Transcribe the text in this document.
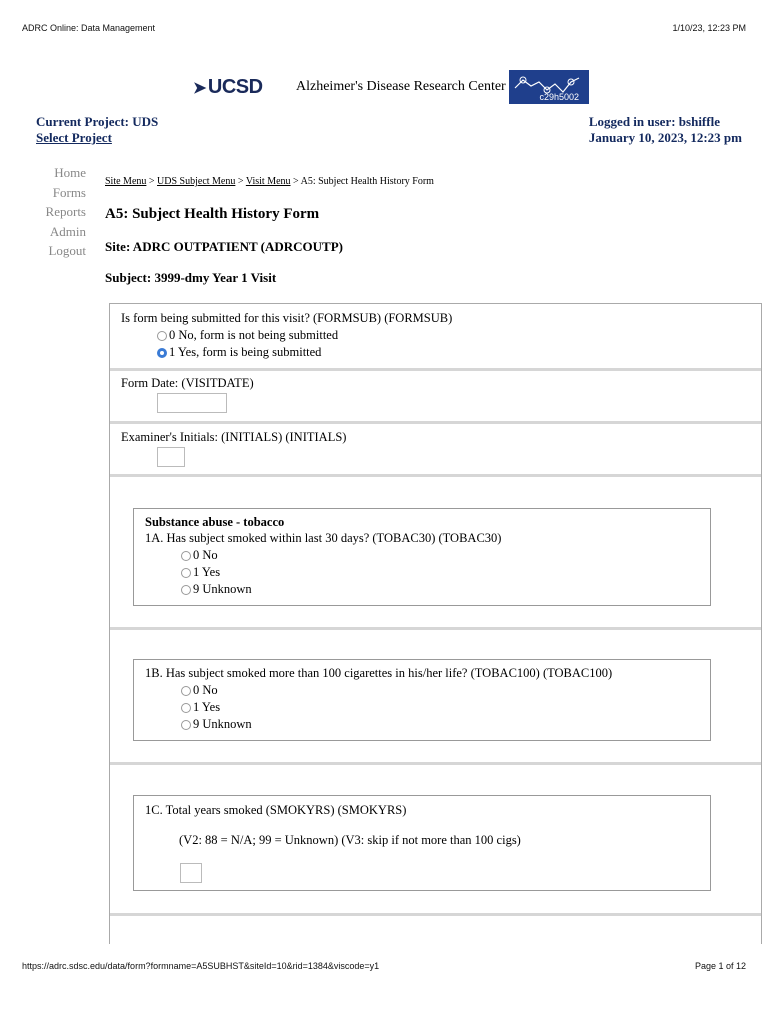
ADRC Online: Data Management	1/10/23, 12:23 PM
➤ UCSD Alzheimer's Disease Research Center
c29h5002
Current Project: UDS
Select Project
Logged in user: bshiffle
January 10, 2023, 12:23 pm
Home
Forms
Reports
Admin
Logout
Site Menu > UDS Subject Menu > Visit Menu > A5: Subject Health History Form
A5: Subject Health History Form
Site: ADRC OUTPATIENT (ADRCOUTP)
Subject: 3999-dmy Year 1 Visit
Is form being submitted for this visit? (FORMSUB) (FORMSUB)
0 No, form is not being submitted
1 Yes, form is being submitted
Form Date: (VISITDATE)
Examiner's Initials: (INITIALS) (INITIALS)
Substance abuse - tobacco
1A. Has subject smoked within last 30 days? (TOBAC30) (TOBAC30)
0 No
1 Yes
9 Unknown
1B. Has subject smoked more than 100 cigarettes in his/her life? (TOBAC100) (TOBAC100)
0 No
1 Yes
9 Unknown
1C. Total years smoked (SMOKYRS) (SMOKYRS)
(V2: 88 = N/A; 99 = Unknown) (V3: skip if not more than 100 cigs)
https://adrc.sdsc.edu/data/form?formname=A5SUBHST&siteId=10&rid=1384&viscode=y1	Page 1 of 12
